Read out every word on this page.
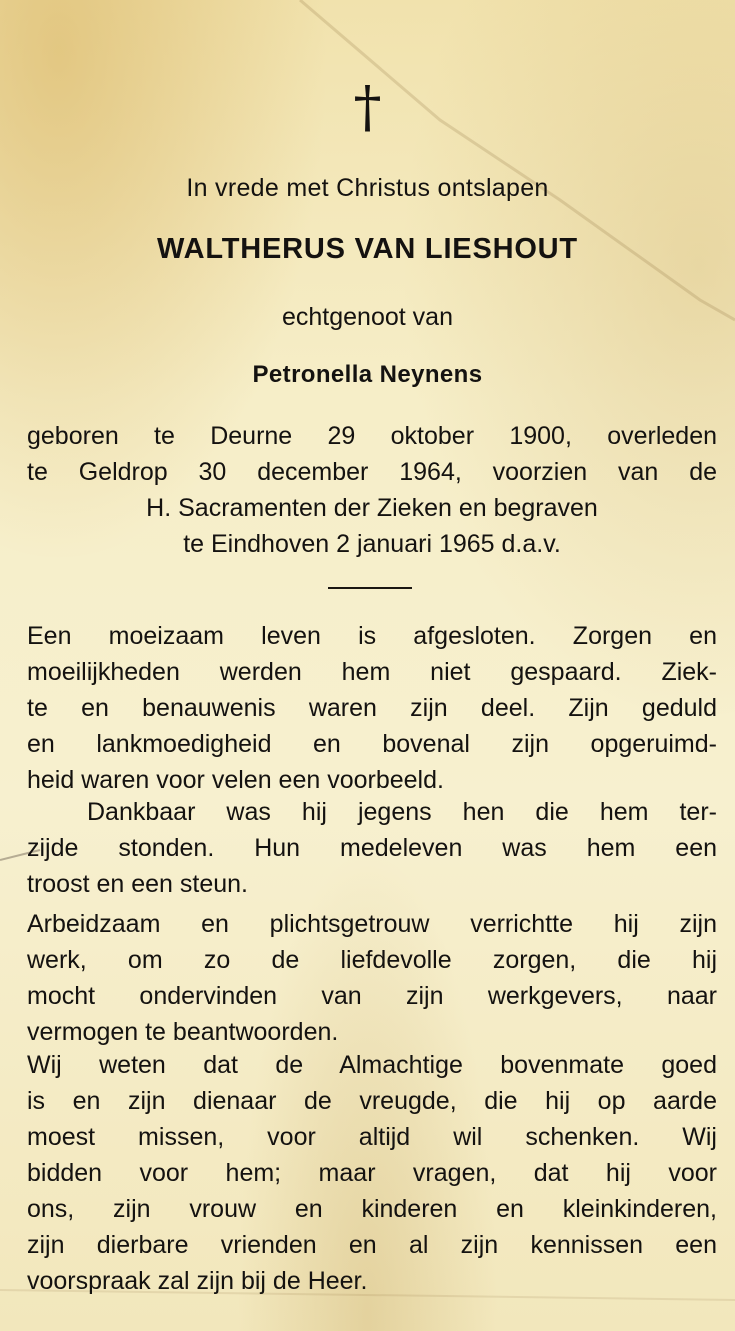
†
In vrede met Christus ontslapen
WALTHERUS VAN LIESHOUT
echtgenoot van
Petronella Neynens
geboren te Deurne 29 oktober 1900, overleden
te Geldrop 30 december 1964, voorzien van de
H. Sacramenten der Zieken en begraven
te Eindhoven 2 januari 1965 d.a.v.
Een moeizaam leven is afgesloten. Zorgen en
moeilijkheden werden hem niet gespaard. Ziek-
te en benauwenis waren zijn deel. Zijn geduld
en lankmoedigheid en bovenal zijn opgeruimd-
heid waren voor velen een voorbeeld.
Dankbaar was hij jegens hen die hem ter-
zijde stonden. Hun medeleven was hem een
troost en een steun.
Arbeidzaam en plichtsgetrouw verrichtte hij zijn
werk, om zo de liefdevolle zorgen, die hij
mocht ondervinden van zijn werkgevers, naar
vermogen te beantwoorden.
Wij weten dat de Almachtige bovenmate goed
is en zijn dienaar de vreugde, die hij op aarde
moest missen, voor altijd wil schenken. Wij
bidden voor hem; maar vragen, dat hij voor
ons, zijn vrouw en kinderen en kleinkinderen,
zijn dierbare vrienden en al zijn kennissen een
voorspraak zal zijn bij de Heer.
